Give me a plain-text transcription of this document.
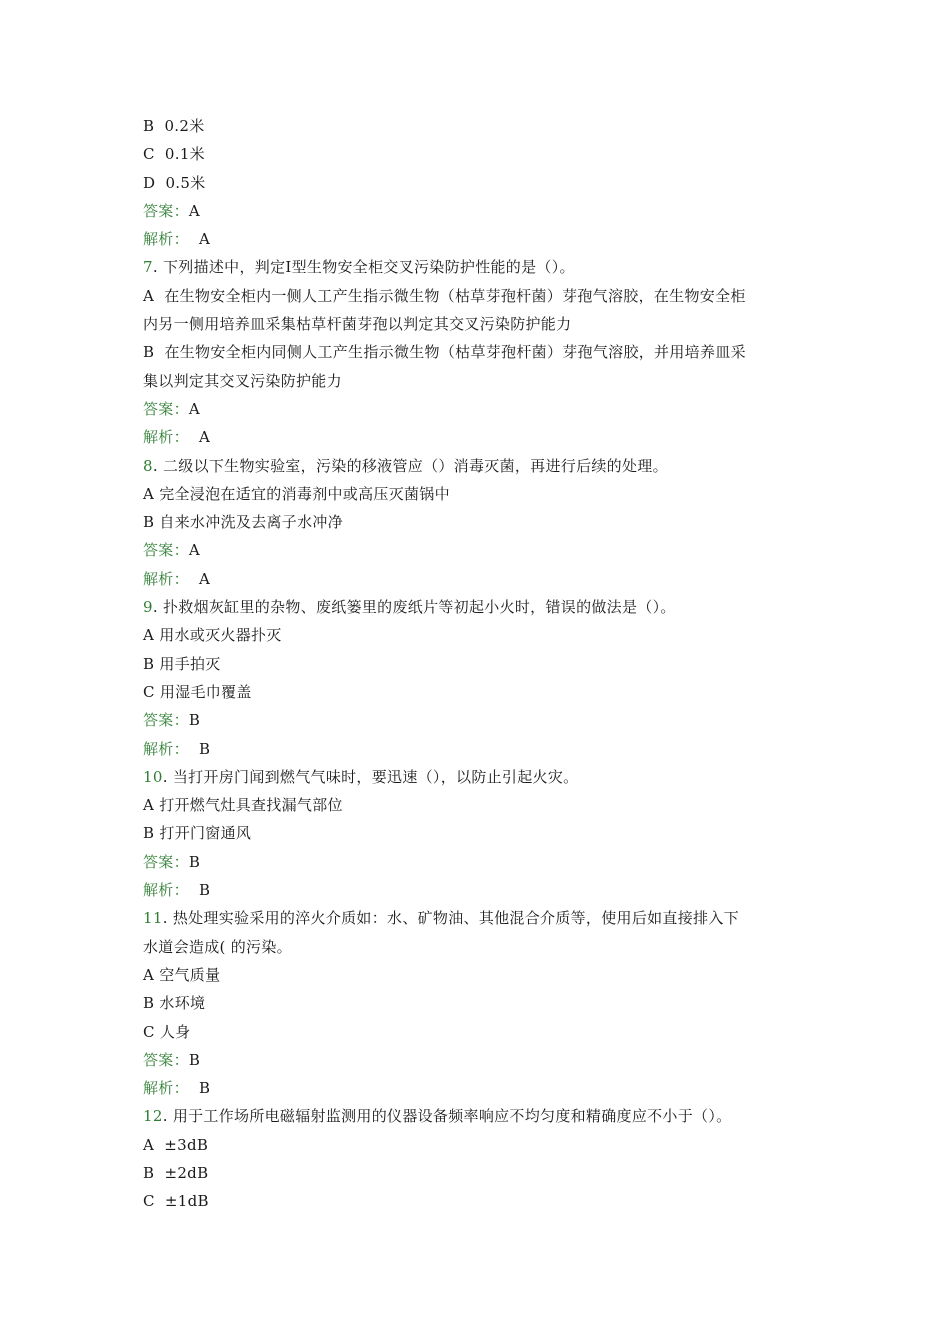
B  0.2米
C  0.1米
D  0.5米
答案：A
解析：  A
7. 下列描述中，判定Ⅰ型生物安全柜交叉污染防护性能的是（）。
A  在生物安全柜内一侧人工产生指示微生物（枯草芽孢杆菌）芽孢气溶胶，在生物安全柜
内另一侧用培养皿采集枯草杆菌芽孢以判定其交叉污染防护能力
B  在生物安全柜内同侧人工产生指示微生物（枯草芽孢杆菌）芽孢气溶胶，并用培养皿采
集以判定其交叉污染防护能力
答案：A
解析：  A
8. 二级以下生物实验室，污染的移液管应（）消毒灭菌，再进行后续的处理。
A 完全浸泡在适宜的消毒剂中或高压灭菌锅中
B 自来水冲洗及去离子水冲净
答案：A
解析：  A
9. 扑救烟灰缸里的杂物、废纸篓里的废纸片等初起小火时，错误的做法是（）。
A 用水或灭火器扑灭
B 用手拍灭
C 用湿毛巾覆盖
答案：B
解析：  B
10. 当打开房门闻到燃气气味时，要迅速（），以防止引起火灾。
A 打开燃气灶具查找漏气部位
B 打开门窗通风
答案：B
解析：  B
11. 热处理实验采用的淬火介质如：水、矿物油、其他混合介质等，使用后如直接排入下
水道会造成( 的污染。
A 空气质量
B 水环境
C 人身
答案：B
解析：  B
12. 用于工作场所电磁辐射监测用的仪器设备频率响应不均匀度和精确度应不小于（）。
A  ±3dB
B  ±2dB
C  ±1dB
